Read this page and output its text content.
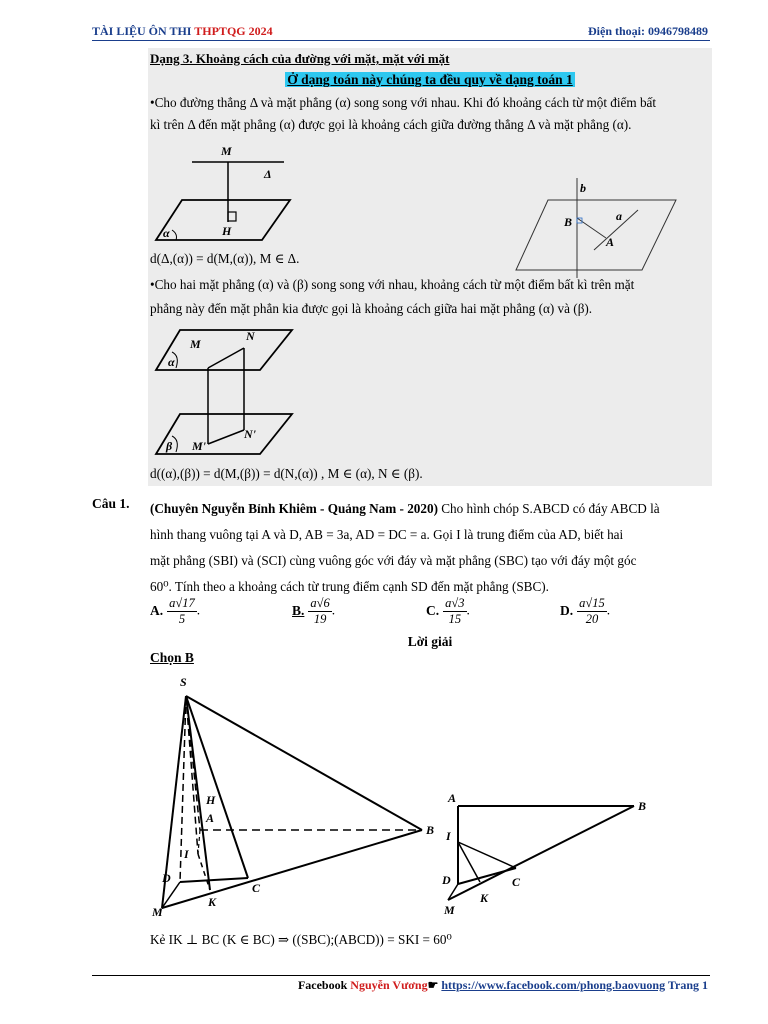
TÀI LIỆU ÔN THI THPTQG 2024	Điện thoại: 0946798489
Dạng 3. Khoảng cách của đường với mặt, mặt với mặt
Ở dạng toán này chúng ta đều quy về dạng toán 1
•Cho đường thẳng Δ và mặt phẳng (α) song song với nhau. Khi đó khoảng cách từ một điểm bất
kì trên Δ đến mặt phẳng (α) được gọi là khoảng cách giữa đường thẳng Δ và mặt phẳng (α).
M
H
Δ
α
b
B	a
A
d(Δ,(α)) = d(M,(α)), M ∈ Δ.
•Cho hai mặt phẳng (α) và (β) song song với nhau, khoảng cách từ một điểm bất kì trên mặt
phẳng này đến mặt phẳn kia được gọi là khoảng cách giữa hai mặt phẳng (α) và (β).
M
N
M'
N'
α
β
d((α),(β)) = d(M,(β)) = d(N,(α)) , M ∈ (α), N ∈ (β).
Câu 1. (Chuyên Nguyễn Bỉnh Khiêm - Quảng Nam - 2020) Cho hình chóp S.ABCD có đáy ABCD là
hình thang vuông tại A và D, AB = 3a, AD = DC = a. Gọi I là trung điểm của AD, biết hai
mặt phẳng (SBI) và (SCI) cùng vuông góc với đáy và mặt phẳng (SBC) tạo với đáy một góc
60⁰. Tính theo a khoảng cách từ trung điểm cạnh SD đến mặt phẳng (SBC).
A. $\frac{a√17}{5}$ .	B. $\frac{a√6}{19}$ .	C. $\frac{a√3}{15}$ .	D. $\frac{a√15}{20}$ .
Lời giải
Chọn B
S
H
A
B
I
D
C
K
M
A
B
I
D	C
K
M
Kẻ IK ⊥ BC (K ∈ BC) ⇒ ((SBC);(ABCD)) = SKI = 60⁰
Facebook Nguyễn Vương☛ https://www.facebook.com/phong.baovuong Trang 1
